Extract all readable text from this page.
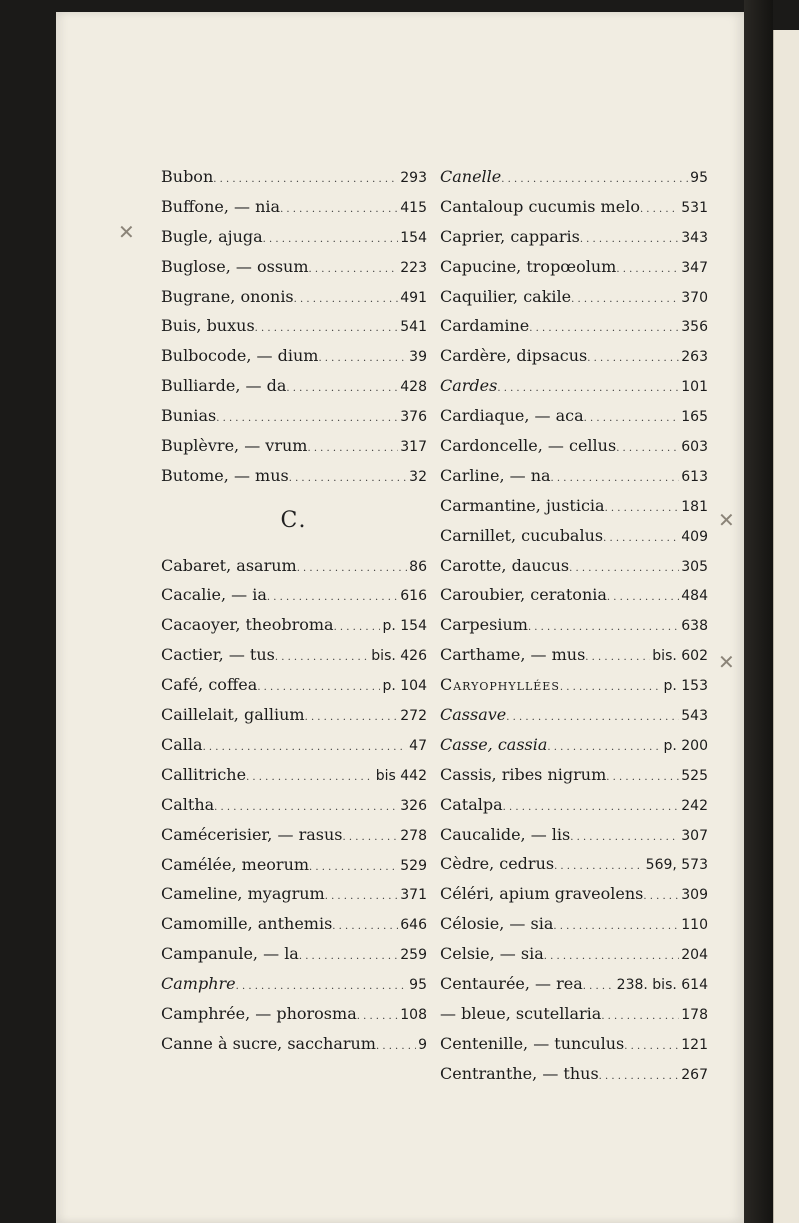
✕
✕
✕
Bubon . . .	293
Buffone, — nia . . .	415
Bugle, ajuga . . .	154
Buglose, — ossum . . .	223
Bugrane, ononis . . .	491
Buis, buxus . . .	541
Bulbocode, — dium . . .	39
Bulliarde, — da . . .	428
Bunias . . .	376
Buplèvre, — vrum . . .	317
Butome, — mus . . .	32
C.
Cabaret, asarum . . .	86
Cacalie, — ia . . .	616
Cacaoyer, theobroma . . .	p. 154
Cactier, — tus . . .	bis. 426
Café, coffea . . .	p. 104
Caillelait, gallium . . .	272
Calla . . .	47
Callitriche . . .	bis 442
Caltha . . .	326
Camécerisier, — rasus . . .	278
Camélée, meorum . . .	529
Cameline, myagrum . . .	371
Camomille, anthemis . . .	646
Campanule, — la . . .	259
Camphre . . .	95
Camphrée, — phorosma . . .	108
Canne à sucre, saccharum . . .	9
Canelle . . .	95
Cantaloup cucumis melo . . .	531
Caprier, capparis . . .	343
Capucine, tropœolum . . .	347
Caquilier, cakile . . .	370
Cardamine . . .	356
Cardère, dipsacus . . .	263
Cardes . . .	101
Cardiaque, — aca . . .	165
Cardoncelle, — cellus . . .	603
Carline, — na . . .	613
Carmantine, justicia . . .	181
Carnillet, cucubalus . . .	409
Carotte, daucus . . .	305
Caroubier, ceratonia . . .	484
Carpesium . . .	638
Carthame, — mus . . .	bis. 602
Caryophyllées . . .	p. 153
Cassave . . .	543
Casse, cassia . . .	p. 200
Cassis, ribes nigrum . . .	525
Catalpa . . .	242
Caucalide, — lis . . .	307
Cèdre, cedrus . . .	569, 573
Céléri, apium graveolens . . .	309
Célosie, — sia . . .	110
Celsie, — sia . . .	204
Centaurée, — rea . . . 238. bis. 614
— bleue, scutellaria . . .	178
Centenille, — tunculus . . .	121
Centranthe, — thus . . .	267
